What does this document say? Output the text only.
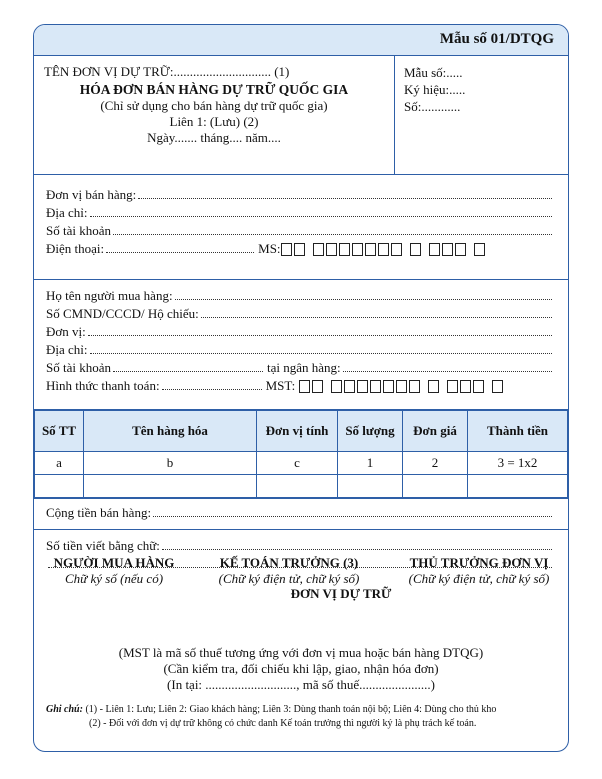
Mẫu số 01/DTQG
TÊN ĐƠN VỊ DỰ TRỮ:.............................. (1)
HÓA ĐƠN BÁN HÀNG DỰ TRỮ QUỐC GIA
(Chỉ sử dụng cho bán hàng dự trữ quốc gia)
Liên 1: (Lưu) (2)
Ngày....... tháng.... năm....
Mẫu số:.....
Ký hiệu:.....
Số:............
Đơn vị bán hàng:
Địa chỉ:
Số tài khoản
Điện thoại:	MS:
Họ tên người mua hàng:
Số CMND/CCCD/ Hộ chiếu:
Đơn vị:
Địa chỉ:
Số tài khoản	tại ngân hàng:
Hình thức thanh toán:	MST:

Số TT	Tên hàng hóa	Đơn vị tính	Số lượng	Đơn giá	Thành tiền
a	b	c	1	2	3 = 1x2

Cộng tiền bán hàng:
Số tiền viết bằng chữ:
ĐƠN VỊ DỰ TRỮ
NGƯỜI MUA HÀNG
Chữ ký số (nếu có)
KẾ TOÁN TRƯỞNG (3)
(Chữ ký điện tử, chữ ký số)
THỦ TRƯỞNG ĐƠN VỊ
(Chữ ký điện tử, chữ ký số)
(MST là mã số thuế tương ứng với đơn vị mua hoặc bán hàng DTQG)
(Cần kiểm tra, đối chiếu khi lập, giao, nhận hóa đơn)
(In tại: ............................, mã số thuế......................)
Ghi chú: (1) - Liên 1: Lưu; Liên 2: Giao khách hàng; Liên 3: Dùng thanh toán nội bộ; Liên 4: Dùng cho thủ kho
(2) - Đối với đơn vị dự trữ không có chức danh Kế toán trưởng thì người ký là phụ trách kế toán.
